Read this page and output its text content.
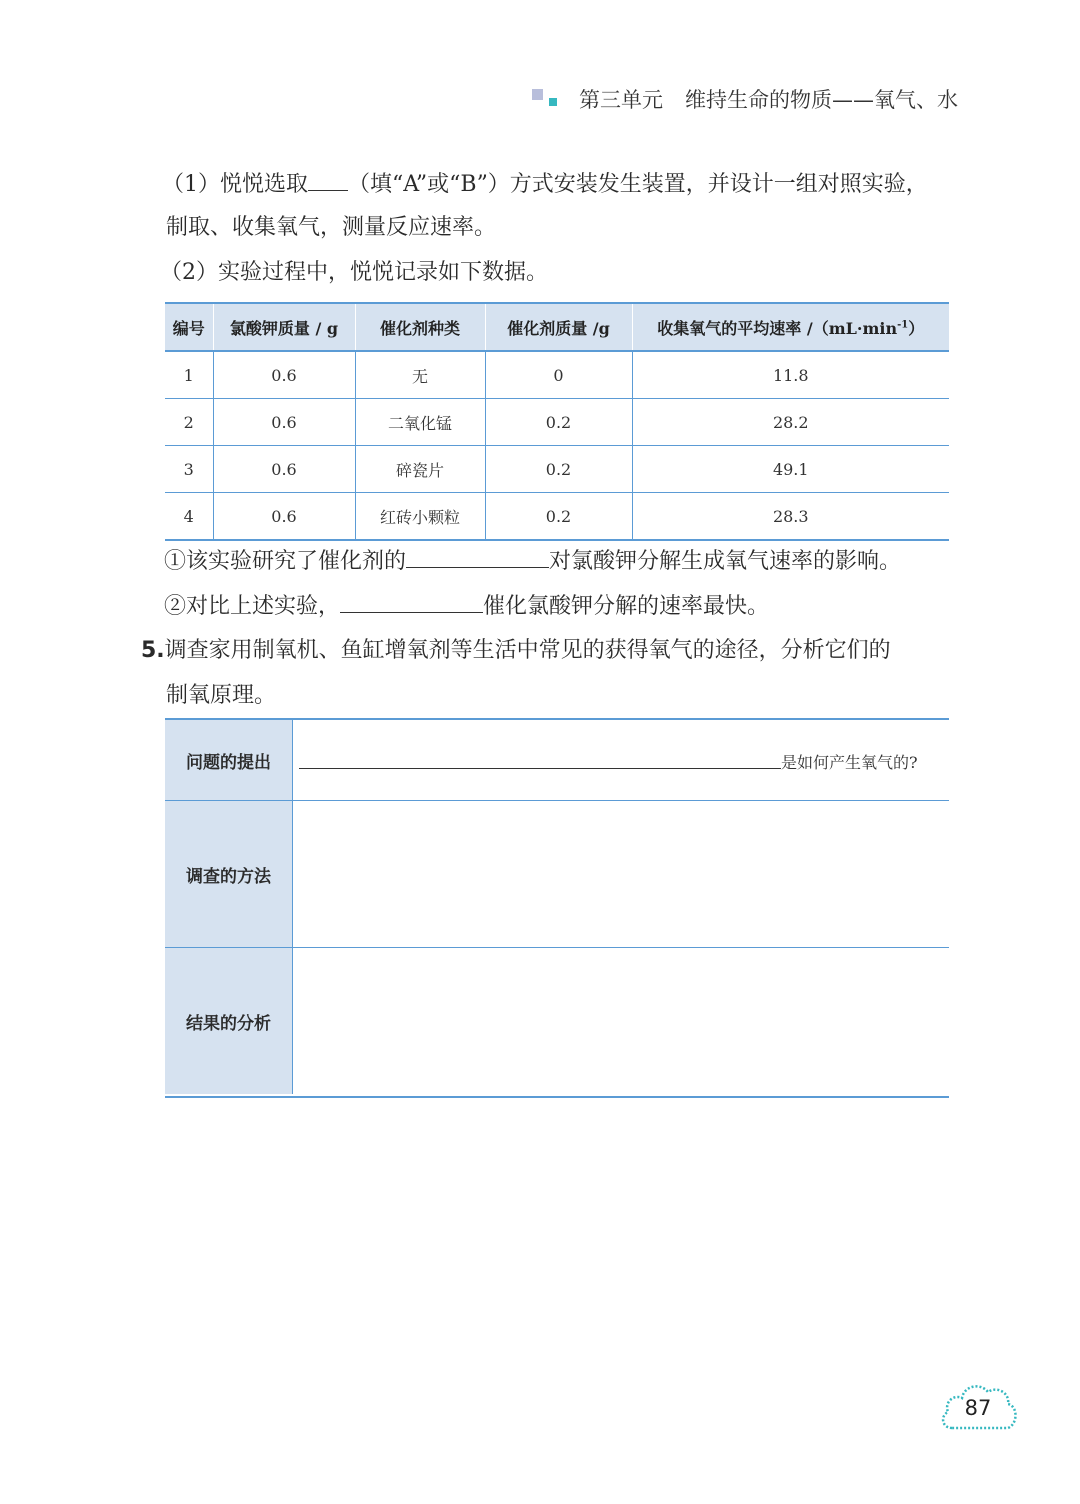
第三单元 维持生命的物质——氧气、水
（1）悦悦选取 （填“A”或“B”）方式安装发生装置，并设计一组对照实验，
制取、收集氧气，测量反应速率。
（2）实验过程中，悦悦记录如下数据。
编号	氯酸钾质量 / g	催化剂种类	催化剂质量 /g	收集氧气的平均速率 $/(mL\cdot\min^{-1})$
1	0.6	无	0	11.8
2	0.6	二氧化锰	0.2	28.2
3	0.6	碎瓷片	0.2	49.1
4	0.6	红砖小颗粒	0.2	28.3
①该实验研究了催化剂的	对氯酸钾分解生成氧气速率的影响。
②对比上述实验，	催化氯酸钾分解的速率最快。
5.调查家用制氧机、鱼缸增氧剂等生活中常见的获得氧气的途径，分析它们的
制氧原理。
问题的提出	是如何产生氧气的?
调查的方法
结果的分析
87
